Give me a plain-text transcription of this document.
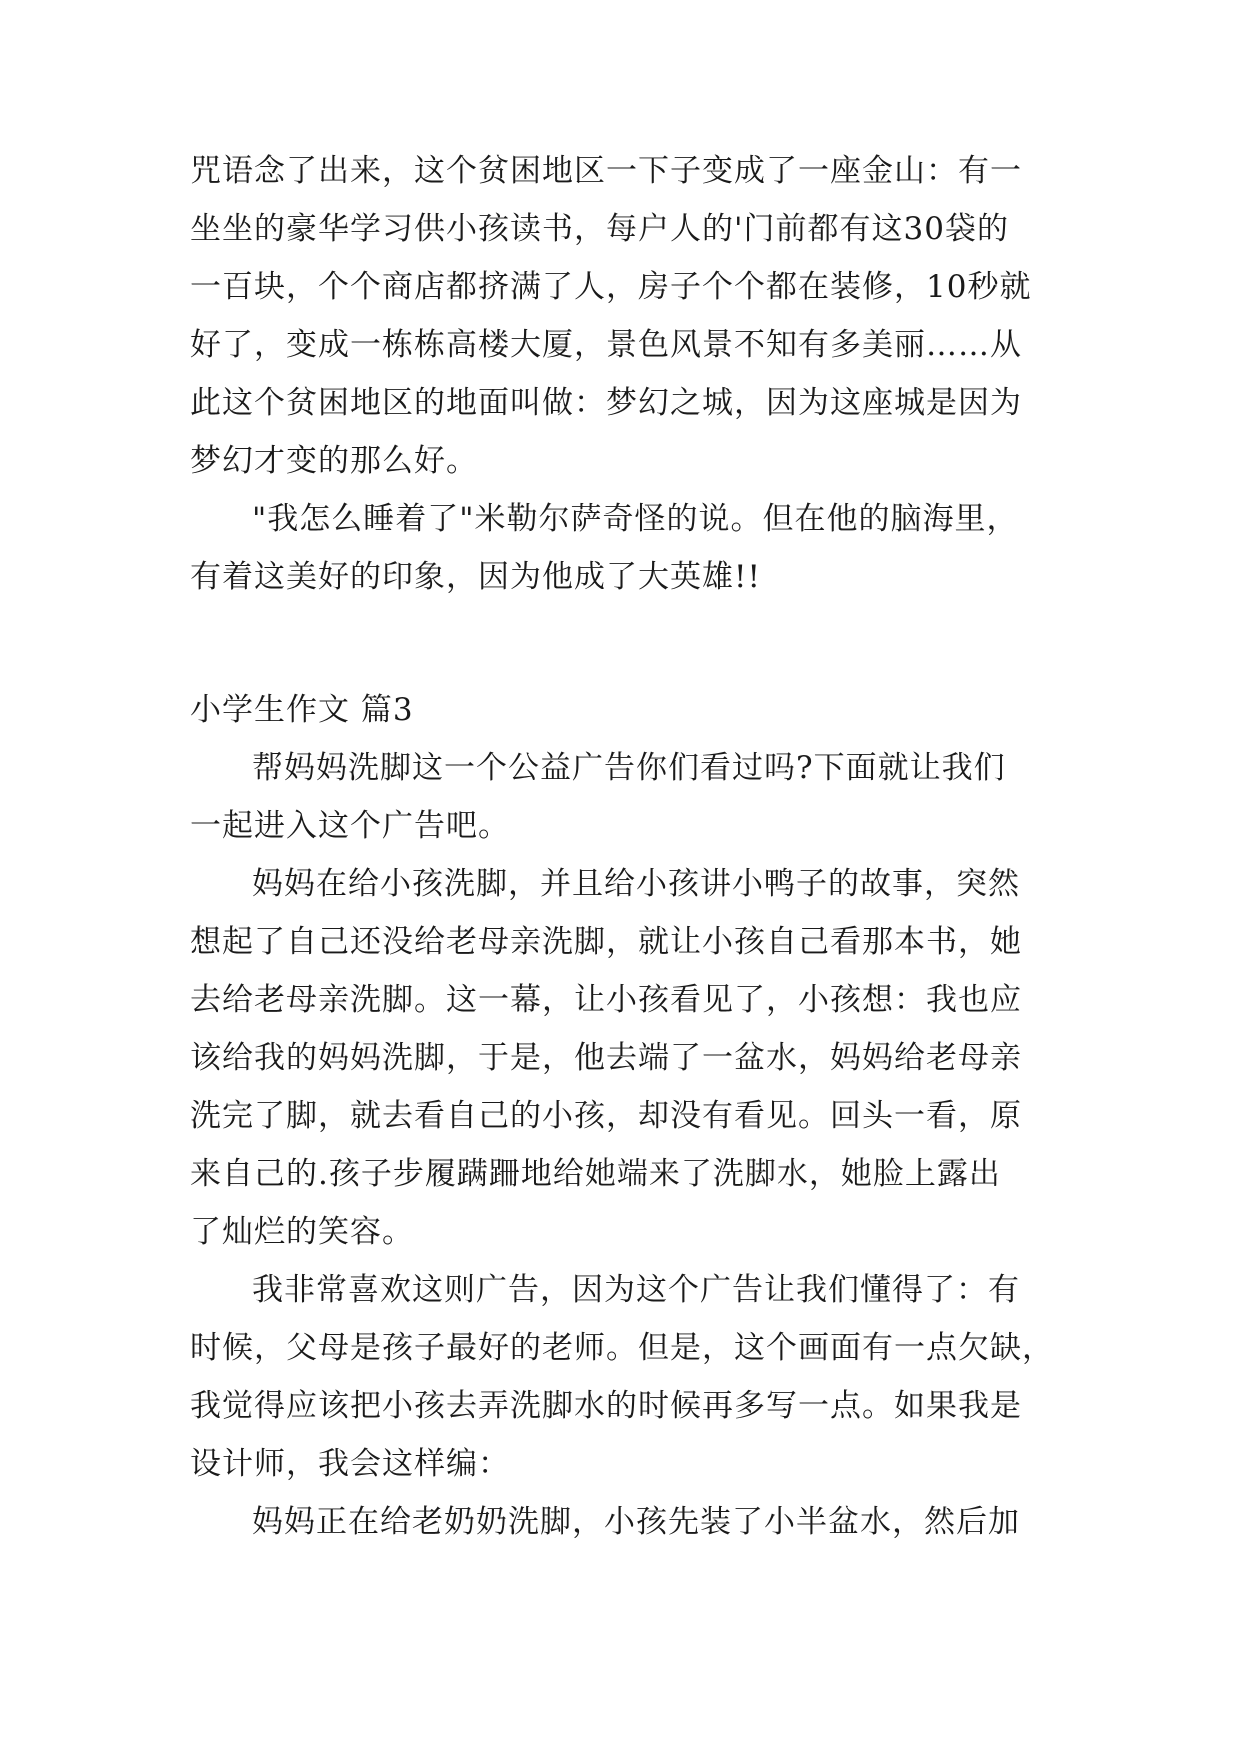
咒语念了出来，这个贫困地区一下子变成了一座金山：有一
坐坐的豪华学习供小孩读书，每户人的'门前都有这30袋的
一百块，个个商店都挤满了人，房子个个都在装修，10秒就
好了，变成一栋栋高楼大厦，景色风景不知有多美丽……从
此这个贫困地区的地面叫做：梦幻之城，因为这座城是因为
梦幻才变的那么好。
"我怎么睡着了"米勒尔萨奇怪的说。但在他的脑海里，
有着这美好的印象，因为他成了大英雄!!
小学生作文 篇3
帮妈妈洗脚这一个公益广告你们看过吗?下面就让我们
一起进入这个广告吧。
妈妈在给小孩洗脚，并且给小孩讲小鸭子的故事，突然
想起了自己还没给老母亲洗脚，就让小孩自己看那本书，她
去给老母亲洗脚。这一幕，让小孩看见了，小孩想：我也应
该给我的妈妈洗脚，于是，他去端了一盆水，妈妈给老母亲
洗完了脚，就去看自己的小孩，却没有看见。回头一看，原
来自己的.孩子步履蹒跚地给她端来了洗脚水，她脸上露出
了灿烂的笑容。
我非常喜欢这则广告，因为这个广告让我们懂得了：有
时候，父母是孩子最好的老师。但是，这个画面有一点欠缺，
我觉得应该把小孩去弄洗脚水的时候再多写一点。如果我是
设计师，我会这样编：
妈妈正在给老奶奶洗脚，小孩先装了小半盆水，然后加
